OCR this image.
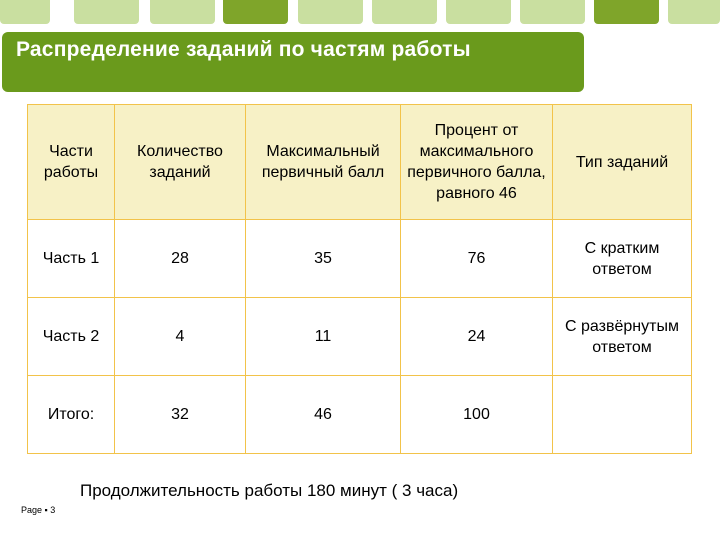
Распределение заданий по частям работы
Части работы	Количество заданий	Максимальный первичный балл	Процент от максимального первичного балла, равного 46	Тип заданий
Часть 1	28	35	76	С кратким ответом
Часть 2	4	11	24	С развёрнутым ответом
Итого:	32	46	100	
Продолжительность работы 180 минут ( 3 часа)
Page ▪ 3
